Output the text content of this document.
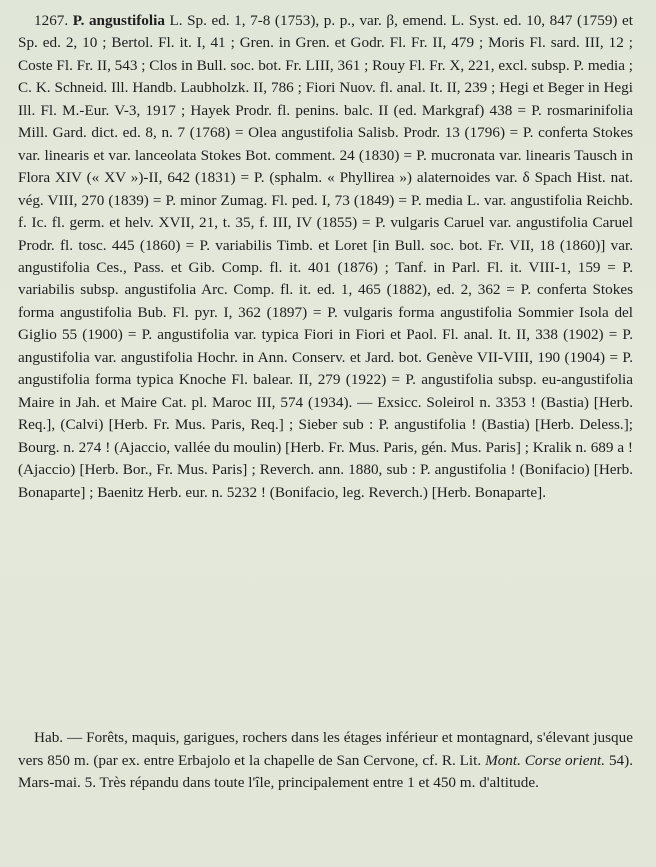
1267. P. angustifolia L. Sp. ed. 1, 7-8 (1753), p. p., var. β, emend. L. Syst. ed. 10, 847 (1759) et Sp. ed. 2, 10 ; Bertol. Fl. it. I, 41 ; Gren. in Gren. et Godr. Fl. Fr. II, 479 ; Moris Fl. sard. III, 12 ; Coste Fl. Fr. II, 543 ; Clos in Bull. soc. bot. Fr. LIII, 361 ; Rouy Fl. Fr. X, 221, excl. subsp. P. media ; C. K. Schneid. Ill. Handb. Laubholzk. II, 786 ; Fiori Nuov. fl. anal. It. II, 239 ; Hegi et Beger in Hegi Ill. Fl. M.-Eur. V-3, 1917 ; Hayek Prodr. fl. penins. balc. II (ed. Markgraf) 438 = P. rosmarinifolia Mill. Gard. dict. ed. 8, n. 7 (1768) = Olea angustifolia Salisb. Prodr. 13 (1796) = P. conferta Stokes var. linearis et var. lanceolata Stokes Bot. comment. 24 (1830) = P. mucronata var. linearis Tausch in Flora XIV (« XV »)-II, 642 (1831) = P. (sphalm. « Phyllirea ») alaternoides var. δ Spach Hist. nat. vég. VIII, 270 (1839) = P. minor Zumag. Fl. ped. I, 73 (1849) = P. media L. var. angustifolia Reichb. f. Ic. fl. germ. et helv. XVII, 21, t. 35, f. III, IV (1855) = P. vulgaris Caruel var. angustifolia Caruel Prodr. fl. tosc. 445 (1860) = P. variabilis Timb. et Loret [in Bull. soc. bot. Fr. VII, 18 (1860)] var. angustifolia Ces., Pass. et Gib. Comp. fl. it. 401 (1876) ; Tanf. in Parl. Fl. it. VIII-1, 159 = P. variabilis subsp. angustifolia Arc. Comp. fl. it. ed. 1, 465 (1882), ed. 2, 362 = P. conferta Stokes forma angustifolia Bub. Fl. pyr. I, 362 (1897) = P. vulgaris forma angustifolia Sommier Isola del Giglio 55 (1900) = P. angustifolia var. typica Fiori in Fiori et Paol. Fl. anal. It. II, 338 (1902) = P. angustifolia var. angustifolia Hochr. in Ann. Conserv. et Jard. bot. Genève VII-VIII, 190 (1904) = P. angustifolia forma typica Knoche Fl. balear. II, 279 (1922) = P. angustifolia subsp. eu-angustifolia Maire in Jah. et Maire Cat. pl. Maroc III, 574 (1934). — Exsicc. Soleirol n. 3353 ! (Bastia) [Herb. Req.], (Calvi) [Herb. Fr. Mus. Paris, Req.] ; Sieber sub : P. angustifolia ! (Bastia) [Herb. Deless.]; Bourg. n. 274 ! (Ajaccio, vallée du moulin) [Herb. Fr. Mus. Paris, gén. Mus. Paris] ; Kralik n. 689 a ! (Ajaccio) [Herb. Bor., Fr. Mus. Paris] ; Reverch. ann. 1880, sub : P. angustifolia ! (Bonifacio) [Herb. Bonaparte] ; Baenitz Herb. eur. n. 5232 ! (Bonifacio, leg. Reverch.) [Herb. Bonaparte].

Hab. — Forêts, maquis, garigues, rochers dans les étages inférieur et montagnard, s'élevant jusque vers 850 m. (par ex. entre Erbajolo et la chapelle de San Cervone, cf. R. Lit. Mont. Corse orient. 54). Mars-mai. 5. Très répandu dans toute l'île, principalement entre 1 et 450 m. d'altitude.
